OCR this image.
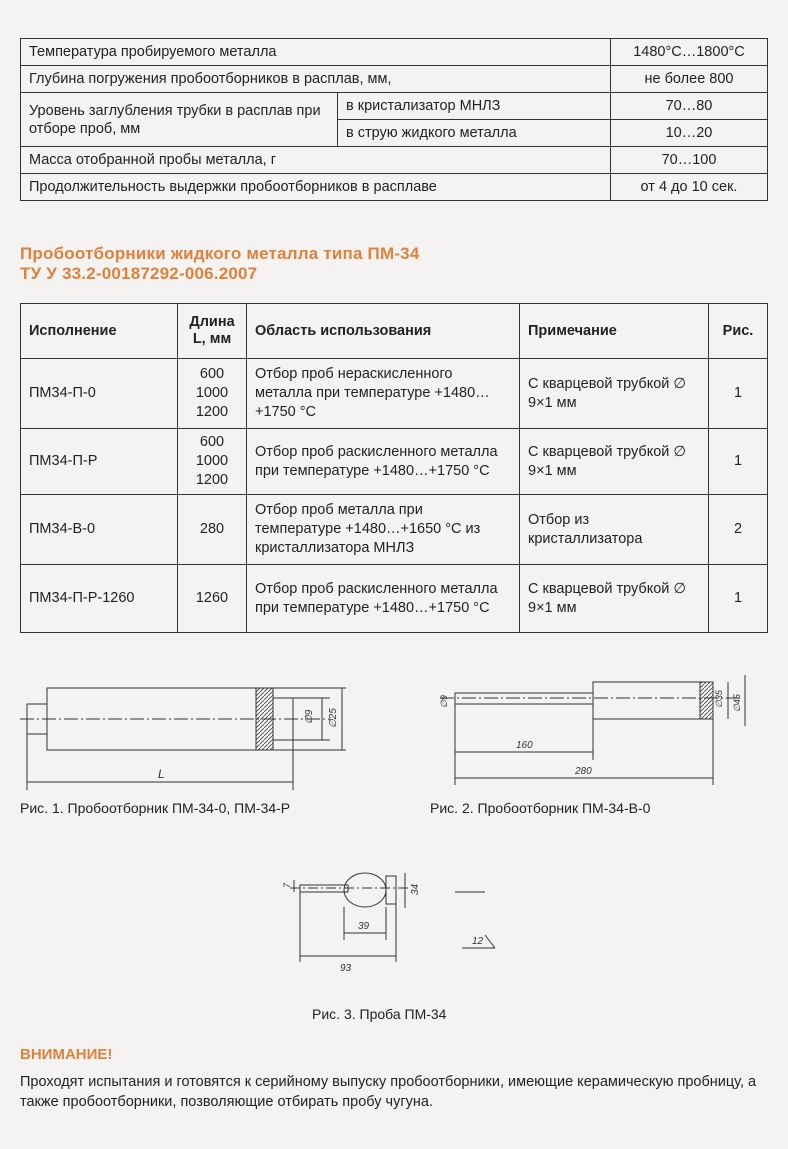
Температура пробируемого металла		1480°С…1800°С
Глубина погружения пробоотборников в расплав, мм,		не более 800
Уровень заглубления трубки в расплав при отборе проб, мм	в кристализатор МНЛЗ	70…80
	в струю жидкого металла	10…20
Масса отобранной пробы металла, г		70…100
Продолжительность выдержки пробоотборников в расплаве		от 4 до 10 сек.
Пробоотборники жидкого металла типа ПМ-34
ТУ У 33.2-00187292-006.2007
Исполнение	Длина L, мм	Область использования	Примечание	Рис.
ПМ34-П-0	600
1000
1200	Отбор проб нераскисленного металла при температуре +1480…+1750 °С	С кварцевой трубкой ∅ 9×1 мм	1
ПМ34-П-Р	600
1000
1200	Отбор проб раскисленного металла при температуре +1480…+1750 °С	С кварцевой трубкой ∅ 9×1 мм	1
ПМ34-В-0	280	Отбор проб металла при температуре +1480…+1650 °С из кристаллизатора МНЛЗ	Отбор из кристаллизатора	2
ПМ34-П-Р-1260	1260	Отбор проб раскисленного металла при температуре +1480…+1750 °С	С кварцевой трубкой ∅ 9×1 мм	1
∅9 ∅25
L
∅9	∅35 ∅45
160
280
7	34
39
93
12
Рис. 1. Пробоотборник ПМ-34-0, ПМ-34-Р	Рис. 2. Пробоотборник ПМ-34-В-0
Рис. 3. Проба ПМ-34
ВНИМАНИЕ!
Проходят испытания и готовятся к серийному выпуску пробоотборники, имеющие керамическую пробницу, а также пробоотборники, позволяющие отбирать пробу чугуна.
